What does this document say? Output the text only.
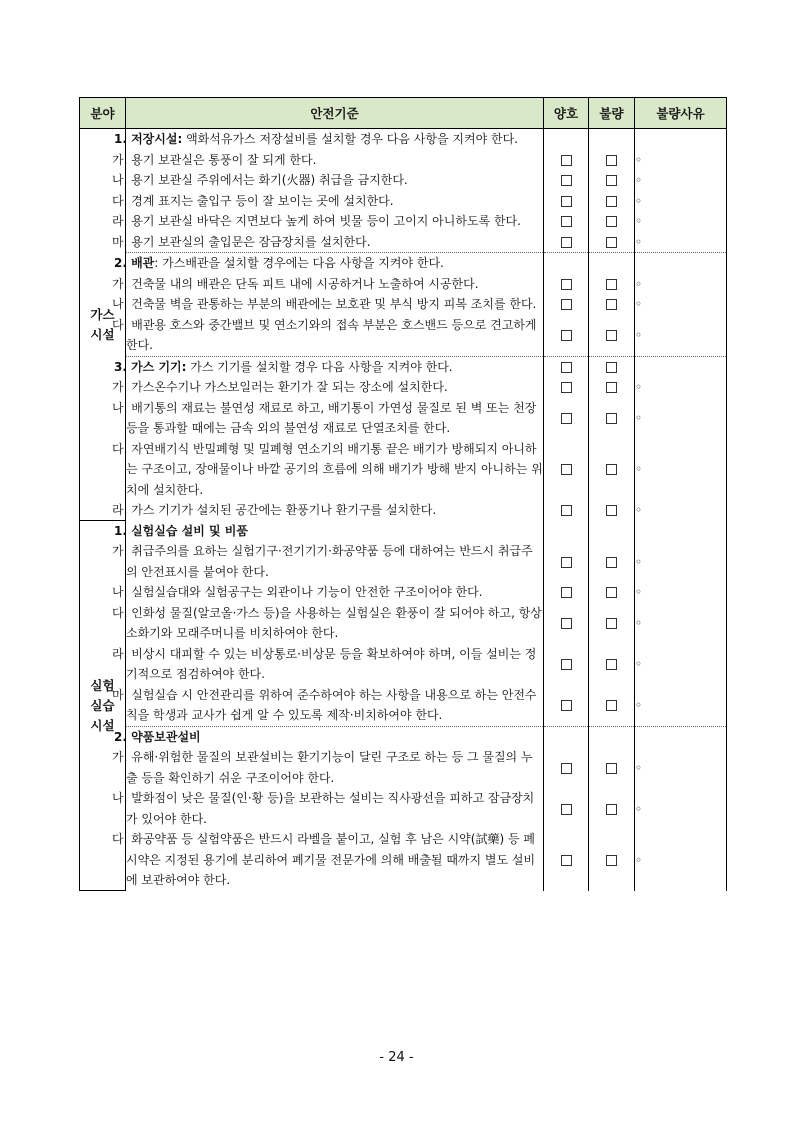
분야	안전기준	양호	불량	불량사유

가스
시설	1. 저장시설: 액화석유가스 저장설비를 설치할 경우 다음 사항을 지켜야 한다.			
	가. 용기 보관실은 통풍이 잘 되게 한다.			◦
	나. 용기 보관실 주위에서는 화기(火器) 취급을 금지한다.			◦
	다. 경계 표지는 출입구 등이 잘 보이는 곳에 설치한다.			◦
	라. 용기 보관실 바닥은 지면보다 높게 하여 빗물 등이 고이지 아니하도록 한다.			◦
	마. 용기 보관실의 출입문은 잠금장치를 설치한다.			◦
	2. 배관: 가스배관을 설치할 경우에는 다음 사항을 지켜야 한다.			
	가. 건축물 내의 배관은 단독 피트 내에 시공하거나 노출하여 시공한다.			◦
	나. 건축물 벽을 관통하는 부분의 배관에는 보호관 및 부식 방지 피복 조치를 한다.			◦
	다. 배관용 호스와 중간밸브 및 연소기와의 접속 부분은 호스밴드 등으로 견고하게 한다.			◦
	3. 가스 기기: 가스 기기를 설치할 경우 다음 사항을 지켜야 한다.			
	가. 가스온수기나 가스보일러는 환기가 잘 되는 장소에 설치한다.			◦
	나. 배기통의 재료는 불연성 재료로 하고, 배기통이 가연성 물질로 된 벽 또는 천장 등을 통과할 때에는 금속 외의 불연성 재료로 단열조치를 한다.			◦
	다. 자연배기식 반밀폐형 및 밀폐형 연소기의 배기통 끝은 배기가 방해되지 아니하는 구조이고, 장애물이나 바깥 공기의 흐름에 의해 배기가 방해 받지 아니하는 위치에 설치한다.			◦
	라. 가스 기기가 설치된 공간에는 환풍기나 환기구를 설치한다.			◦

실험
실습
시설	1. 실험실습 설비 및 비품			
	가. 취급주의를 요하는 실험기구·전기기기·화공약품 등에 대하여는 반드시 취급주의 안전표시를 붙여야 한다.			◦
	나. 실험실습대와 실험공구는 외관이나 기능이 안전한 구조이어야 한다.			◦
	다. 인화성 물질(알코올·가스 등)을 사용하는 실험실은 환풍이 잘 되어야 하고, 항상 소화기와 모래주머니를 비치하여야 한다.			◦
	라. 비상시 대피할 수 있는 비상통로·비상문 등을 확보하여야 하며, 이들 설비는 정기적으로 점검하여야 한다.			◦
	마. 실험실습 시 안전관리를 위하여 준수하여야 하는 사항을 내용으로 하는 안전수칙을 학생과 교사가 쉽게 알 수 있도록 제작·비치하여야 한다.			◦
	2. 약품보관설비			
	가. 유해·위험한 물질의 보관설비는 환기기능이 달린 구조로 하는 등 그 물질의 누출 등을 확인하기 쉬운 구조이어야 한다.			◦
	나. 발화점이 낮은 물질(인·황 등)을 보관하는 설비는 직사광선을 피하고 잠금장치가 있어야 한다.			◦
	다. 화공약품 등 실험약품은 반드시 라벨을 붙이고, 실험 후 남은 시약(試藥) 등 폐시약은 지정된 용기에 분리하여 폐기물 전문가에 의해 배출될 때까지 별도 설비에 보관하여야 한다.			◦
- 24 -
